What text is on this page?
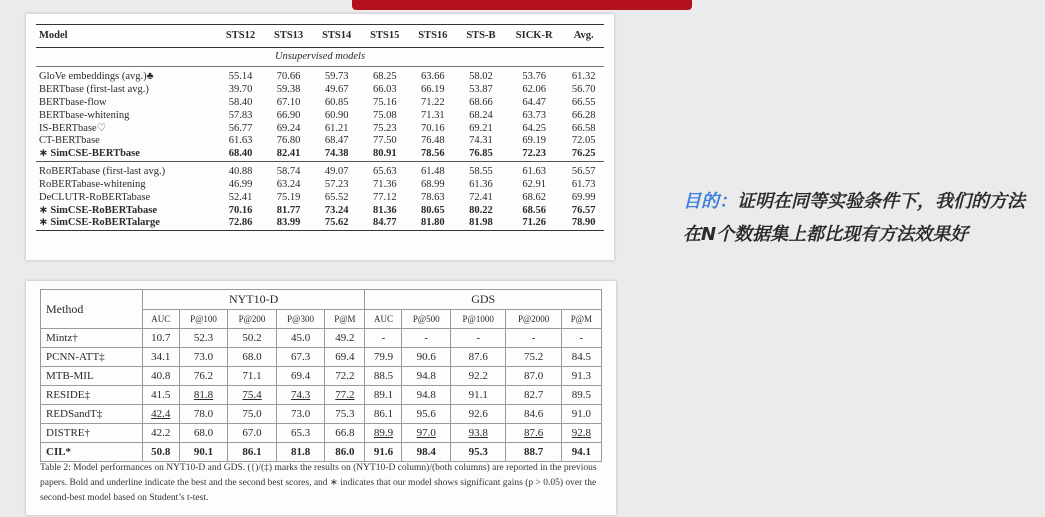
Model	STS12	STS13	STS14	STS15	STS16	STS-B	SICK-R	Avg.
Unsupervised models								
GloVe embeddings (avg.)♣	55.14	70.66	59.73	68.25	63.66	58.02	53.76	61.32
BERTbase (first-last avg.)	39.70	59.38	49.67	66.03	66.19	53.87	62.06	56.70
BERTbase-flow	58.40	67.10	60.85	75.16	71.22	68.66	64.47	66.55
BERTbase-whitening	57.83	66.90	60.90	75.08	71.31	68.24	63.73	66.28
IS-BERTbase♡	56.77	69.24	61.21	75.23	70.16	69.21	64.25	66.58
CT-BERTbase	61.63	76.80	68.47	77.50	76.48	74.31	69.19	72.05
∗ SimCSE-BERTbase	68.40	82.41	74.38	80.91	78.56	76.85	72.23	76.25
RoBERTabase (first-last avg.)	40.88	58.74	49.07	65.63	61.48	58.55	61.63	56.57
RoBERTabase-whitening	46.99	63.24	57.23	71.36	68.99	61.36	62.91	61.73
DeCLUTR-RoBERTabase	52.41	75.19	65.52	77.12	78.63	72.41	68.62	69.99
∗ SimCSE-RoBERTabase	70.16	81.77	73.24	81.36	80.65	80.22	68.56	76.57
∗ SimCSE-RoBERTalarge	72.86	83.99	75.62	84.77	81.80	81.98	71.26	78.90
Method	NYT10-D					GDS				
	AUC	P@100	P@200	P@300	P@M	AUC	P@500	P@1000	P@2000	P@M
Mintz†	10.7	52.3	50.2	45.0	49.2	-	-	-	-	-
PCNN-ATT‡	34.1	73.0	68.0	67.3	69.4	79.9	90.6	87.6	75.2	84.5
MTB-MIL	40.8	76.2	71.1	69.4	72.2	88.5	94.8	92.2	87.0	91.3
RESIDE‡	41.5	81.8	75.4	74.3	77.2	89.1	94.8	91.1	82.7	89.5
REDSandT‡	42.4	78.0	75.0	73.0	75.3	86.1	95.6	92.6	84.6	91.0
DISTRE†	42.2	68.0	67.0	65.3	66.8	89.9	97.0	93.8	87.6	92.8
CIL*	50.8	90.1	86.1	81.8	86.0	91.6	98.4	95.3	88.7	94.1
Table 2: Model performances on NYT10-D and GDS. ({)/(‡) marks the results on (NYT10-D column)/(both columns) are reported in the previous papers. Bold and underline indicate the best and the second best scores, and ∗ indicates that our model shows significant gains (p > 0.05) over the second-best model based on Student’s t-test.
目的：证明在同等实验条件下，我们的方法在N个数据集上都比现有方法效果好
